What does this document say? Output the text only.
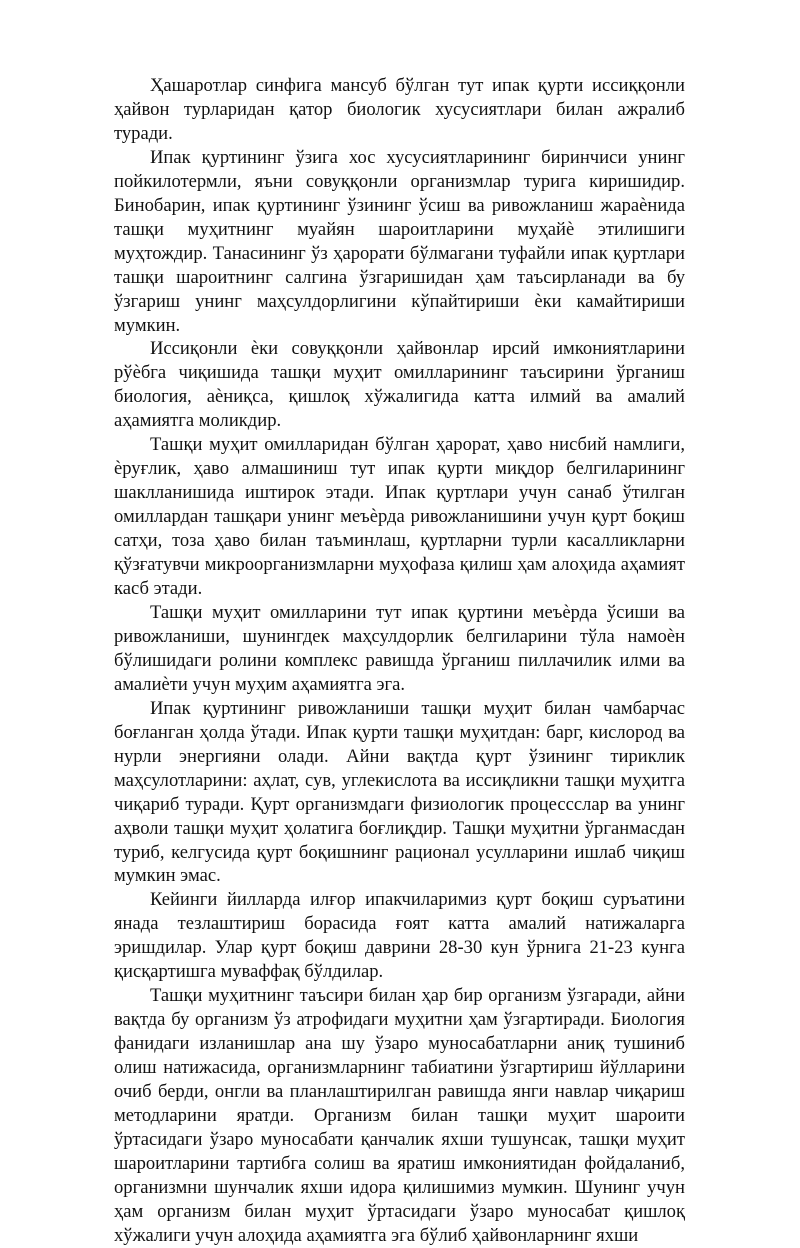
Ҳашаротлар синфига мансуб бўлган тут ипак қурти иссиққонли ҳайвон турларидан қатор биологик хусусиятлари билан ажралиб туради.

Ипак қуртининг ўзига хос хусусиятларининг биринчиси унинг пойкилотермли, яъни совуққонли организмлар турига киришидир. Бинобарин, ипак қуртининг ўзининг ўсиш ва ривожланиш жараѐнида ташқи муҳитнинг муайян шароитларини муҳайѐ этилишиги муҳтождир. Танасининг ўз ҳарорати бўлмагани туфайли ипак қуртлари ташқи шароитнинг салгина ўзгаришидан ҳам таъсирланади ва бу ўзгариш унинг маҳсулдорлигини кўпайтириши ѐки камайтириши мумкин.

Иссиқонли ѐки совуққонли ҳайвонлар ирсий имкониятларини рўѐбга чиқишида ташқи муҳит омилларининг таъсирини ўрганиш биология, аѐниқса, қишлоқ хўжалигида катта илмий ва амалий аҳамиятга моликдир.

Ташқи муҳит омилларидан бўлган ҳарорат, ҳаво нисбий намлиги, ѐруғлик, ҳаво алмашиниш тут ипак қурти миқдор белгиларининг шаклланишида иштирок этади. Ипак қуртлари учун санаб ўтилган омиллардан ташқари унинг меъѐрда ривожланишини учун қурт боқиш сатҳи, тоза ҳаво билан таъминлаш, қуртларни турли касалликларни қўзғатувчи микроорганизмларни муҳофаза қилиш ҳам алоҳида аҳамият касб этади.

Ташқи муҳит омилларини тут ипак қуртини меъѐрда ўсиши ва ривожланиши, шунингдек маҳсулдорлик белгиларини тўла намоѐн бўлишидаги ролини комплекс равишда ўрганиш пиллачилик илми ва амалиѐти учун муҳим аҳамиятга эга.

Ипак қуртининг ривожланиши ташқи муҳит билан чамбарчас боғланган ҳолда ўтади. Ипак қурти ташқи муҳитдан: барг, кислород ва нурли энергияни олади. Айни вақтда қурт ўзининг тириклик маҳсулотларини: аҳлат, сув, углекислота ва иссиқликни ташқи муҳитга чиқариб туради. Қурт организмдаги физиологик процессслар ва унинг аҳволи ташқи муҳит ҳолатига боғлиқдир. Ташқи муҳитни ўрганмасдан туриб, келгусида қурт боқишнинг рационал усулларини ишлаб чиқиш мумкин эмас.

Кейинги йилларда илғор ипакчиларимиз қурт боқиш суръатини янада тезлаштириш борасида ғоят катта амалий натижаларга эришдилар. Улар қурт боқиш даврини 28-30 кун ўрнига 21-23 кунга қисқартишга муваффақ бўлдилар.

Ташқи муҳитнинг таъсири билан ҳар бир организм ўзгаради, айни вақтда бу организм ўз атрофидаги муҳитни ҳам ўзгартиради. Биология фанидаги изланишлар ана шу ўзаро муносабатларни аниқ тушиниб олиш натижасида, организмларнинг табиатини ўзгартириш йўлларини очиб берди, онгли ва планлаштирилган равишда янги навлар чиқариш методларини яратди. Организм билан ташқи муҳит шароити ўртасидаги ўзаро муносабати қанчалик яхши тушунсак, ташқи муҳит шароитларини тартибга солиш ва яратиш имкониятидан фойдаланиб, организмни шунчалик яхши идора қилишимиз мумкин. Шунинг учун ҳам организм билан муҳит ўртасидаги ўзаро муносабат қишлоқ хўжалиги учун алоҳида аҳамиятга эга бўлиб ҳайвонларнинг яхши
